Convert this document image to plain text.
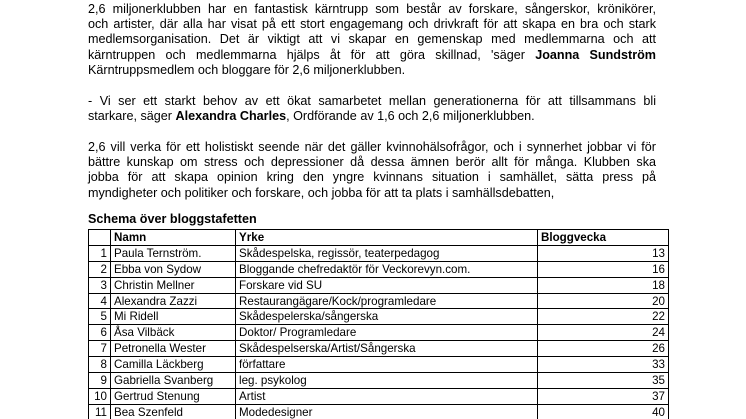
2,6 miljonerklubben har en fantastisk kärntrupp som består av forskare, sångerskor, krönikörer,
och artister, där alla har visat på ett stort engagemang och drivkraft för att skapa en bra och stark
medlemsorganisation. Det är viktigt att vi skapar en gemenskap med medlemmarna och att
kärntruppen och medlemmarna hjälps åt för att göra skillnad, 'säger Joanna Sundström
Kärntruppsmedlem och bloggare för 2,6 miljonerklubben.

- Vi ser ett starkt behov av ett ökat samarbetet mellan generationerna för att tillsammans bli
starkare, säger Alexandra Charles, Ordförande av 1,6 och 2,6 miljonerklubben.

2,6 vill verka för ett holistiskt seende när det gäller kvinnohälsofrågor, och i synnerhet jobbar vi för
bättre kunskap om stress och depressioner då dessa ämnen berör allt för många. Klubben ska
jobba för att skapa opinion kring den yngre kvinnans situation i samhället, sätta press på
myndigheter och politiker och forskare, och jobba för att ta plats i samhällsdebatten,

Schema över bloggstafetten

	Namn	Yrke	Bloggvecka
1	Paula Ternström.	Skådespelska, regissör, teaterpedagog	13
2	Ebba von Sydow	Bloggande chefredaktör för Veckorevyn.com.	16
3	Christin Mellner	Forskare vid SU	18
4	Alexandra Zazzi	Restaurangägare/Kock/programledare	20
5	Mi Ridell	Skådespelerska/sångerska	22
6	Åsa Vilbäck	Doktor/ Programledare	24
7	Petronella Wester	Skådespelserska/Artist/Sångerska	26
8	Camilla Läckberg	författare	33
9	Gabriella Svanberg	leg. psykolog	35
10	Gertrud Stenung	Artist	37
11	Bea Szenfeld	Modedesigner	40
